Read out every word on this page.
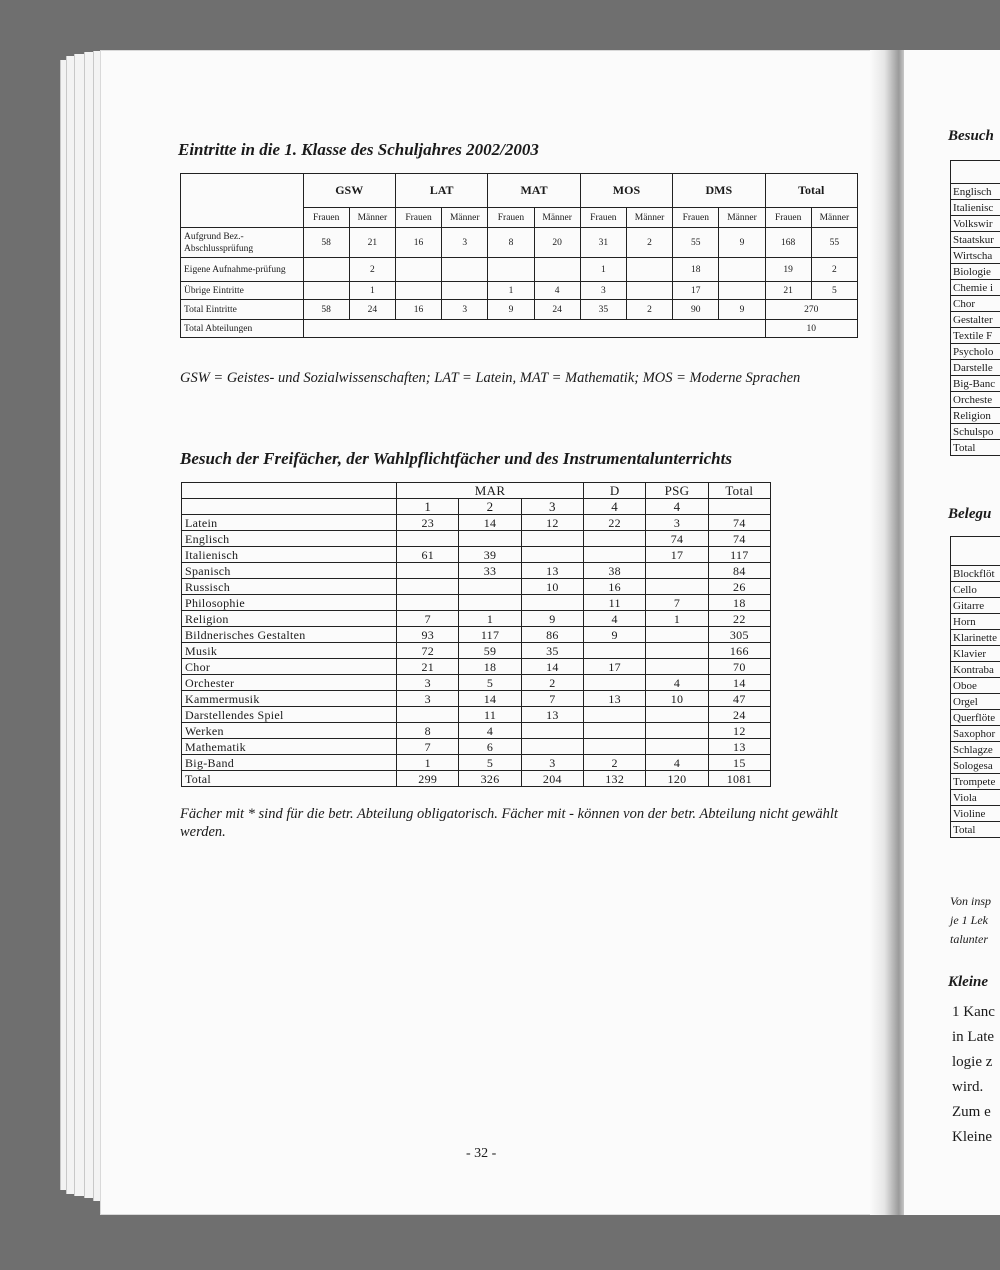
Eintritte in die 1. Klasse des Schuljahres 2002/2003
	GSW		LAT		MAT		MOS		DMS		Total	
	Frauen	Männer	Frauen	Männer	Frauen	Männer	Frauen	Männer	Frauen	Männer	Frauen	Männer
Aufgrund Bez.-Abschlussprüfung	58	21	16	3	8	20	31	2	55	9	168	55
Eigene Aufnahme-prüfung		2					1		18		19	2
Übrige Eintritte		1			1	4	3		17		21	5
Total Eintritte	58	24	16	3	9	24	35	2	90	9	270	
Total Abteilungen											10	
GSW = Geistes- und Sozialwissenschaften; LAT = Latein, MAT = Mathematik; MOS = Moderne Sprachen
Besuch der Freifächer, der Wahlpflichtfächer und des Instrumentalunterrichts
	MAR			D	PSG	Total
	1	2	3	4	4	
Latein	23	14	12	22	3	74
Englisch					74	74
Italienisch	61	39			17	117
Spanisch		33	13	38		84
Russisch			10	16		26
Philosophie				11	7	18
Religion	7	1	9	4	1	22
Bildnerisches Gestalten	93	117	86	9		305
Musik	72	59	35			166
Chor	21	18	14	17		70
Orchester	3	5	2		4	14
Kammermusik	3	14	7	13	10	47
Darstellendes Spiel		11	13			24
Werken	8	4				12
Mathematik	7	6				13
Big-Band	1	5	3	2	4	15
Total	299	326	204	132	120	1081
Fächer mit * sind für die betr. Abteilung obligatorisch. Fächer mit - können von der betr. Abteilung nicht gewählt werden.
- 32 -
Besuch

Englisch
Italienisc
Volkswir
Staatskur
Wirtscha
Biologie
Chemie i
Chor
Gestalter
Textile F
Psycholo
Darstelle
Big-Banc
Orcheste
Religion
Schulspo
Total
Belegu

Blockflöt
Cello
Gitarre
Horn
Klarinette
Klavier
Kontraba
Oboe
Orgel
Querflöte
Saxophor
Schlagze
Sologesa
Trompete
Viola
Violine
Total
Von insp
je 1 Lek
talunter
Kleine
1 Kanc
in Late
logie z
wird.
Zum e
Kleine
